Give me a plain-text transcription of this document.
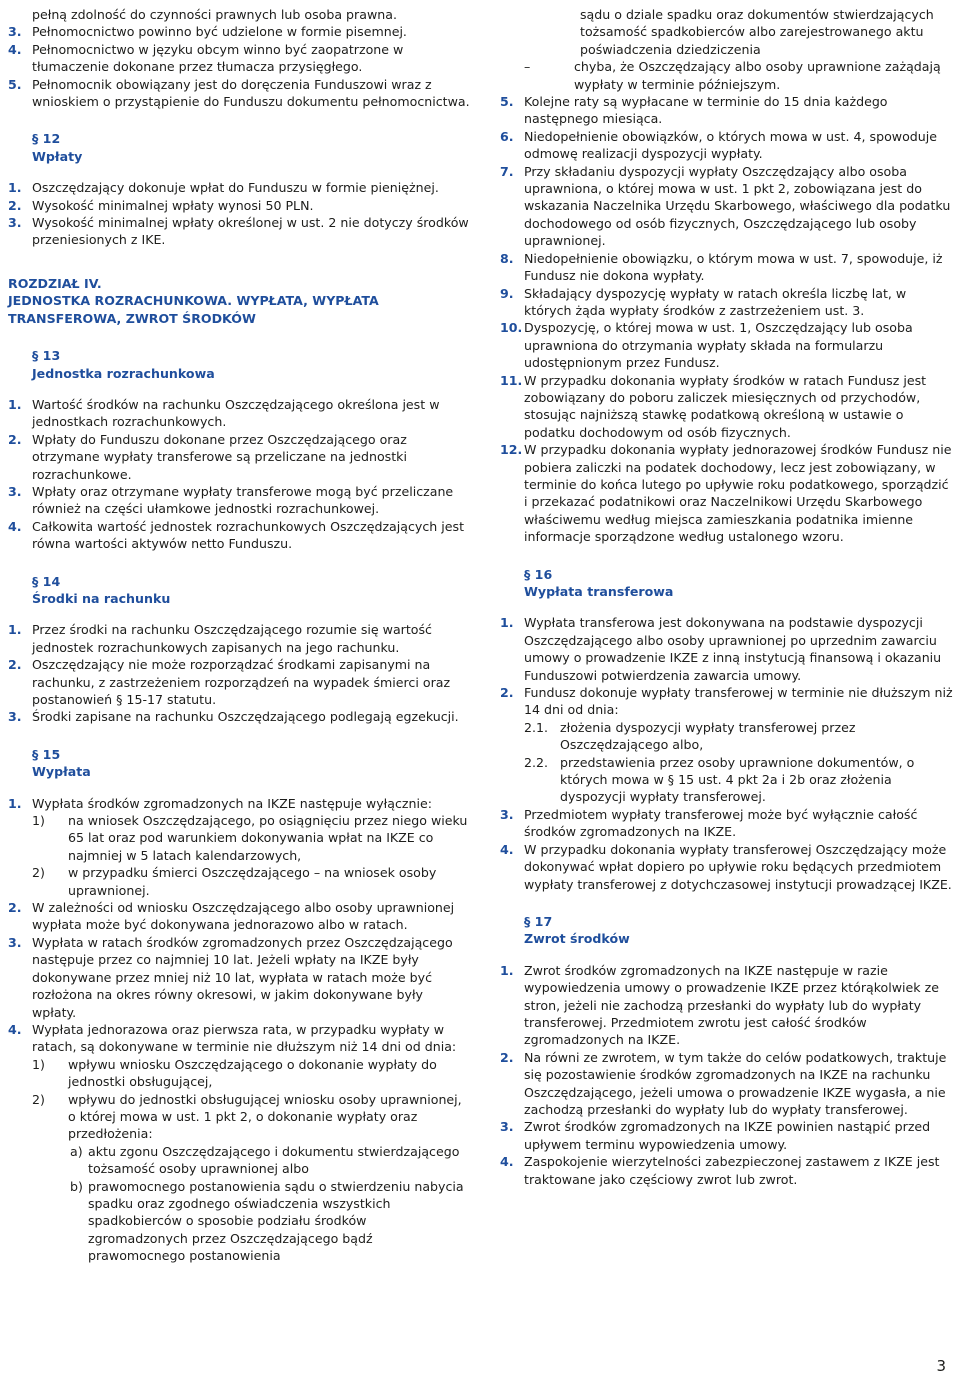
pełną zdolność do czynności prawnych lub osoba prawna.

3. Pełnomocnictwo powinno być udzielone w formie pisemnej.
4. Pełnomocnictwo w języku obcym winno być zaopatrzone w tłumaczenie dokonane przez tłumacza przysięgłego.
5. Pełnomocnik obowiązany jest do doręczenia Funduszowi wraz z wnioskiem o przystąpienie do Funduszu dokumentu pełnomocnictwa.

§ 12

Wpłaty

1. Oszczędzający dokonuje wpłat do Funduszu w formie pieniężnej.
2. Wysokość minimalnej wpłaty wynosi 50 PLN.
3. Wysokość minimalnej wpłaty określonej w ust. 2 nie dotyczy środków przeniesionych z IKE.

ROZDZIAŁ IV.

JEDNOSTKA ROZRACHUNKOWA. WYPŁATA, WYPŁATA TRANSFEROWA, ZWROT ŚRODKÓW

§ 13

Jednostka rozrachunkowa

1. Wartość środków na rachunku Oszczędzającego określona jest w jednostkach rozrachunkowych.
2. Wpłaty do Funduszu dokonane przez Oszczędzającego oraz otrzymane wypłaty transferowe są przeliczane na jednostki rozrachunkowe.
3. Wpłaty oraz otrzymane wypłaty transferowe mogą być przeliczane również na części ułamkowe jednostki rozrachunkowej.
4. Całkowita wartość jednostek rozrachunkowych Oszczędzających jest równa wartości aktywów netto Funduszu.

§ 14

Środki na rachunku

1. Przez środki na rachunku Oszczędzającego rozumie się wartość jednostek rozrachunkowych zapisanych na jego rachunku.
2. Oszczędzający nie może rozporządzać środkami zapisanymi na rachunku, z zastrzeżeniem rozporządzeń na wypadek śmierci oraz postanowień § 15-17 statutu.
3. Środki zapisane na rachunku Oszczędzającego podlegają egzekucji.

§ 15

Wypłata

1. Wypłata środków zgromadzonych na IKZE następuje wyłącznie:
1)	na wniosek Oszczędzającego, po osiągnięciu przez niego wieku 65 lat oraz pod warunkiem dokonywania wpłat na IKZE co najmniej w 5 latach kalendarzowych,
2)	w przypadku śmierci Oszczędzającego – na wniosek osoby uprawnionej.
2. W zależności od wniosku Oszczędzającego albo osoby uprawnionej wypłata może być dokonywana jednorazowo albo w ratach.
3. Wypłata w ratach środków zgromadzonych przez Oszczędzającego następuje przez co najmniej 10 lat. Jeżeli wpłaty na IKZE były dokonywane przez mniej niż 10 lat, wypłata w ratach może być rozłożona na okres równy okresowi, w jakim dokonywane były wpłaty.
4. Wypłata jednorazowa oraz pierwsza rata, w przypadku wypłaty w ratach, są dokonywane w terminie nie dłuższym niż 14 dni od dnia:
1)	wpływu wniosku Oszczędzającego o dokonanie wypłaty do jednostki obsługującej,
2)	wpływu do jednostki obsługującej wniosku osoby uprawnionej, o której mowa w ust. 1 pkt 2, o dokonanie wypłaty oraz przedłożenia:
a) aktu zgonu Oszczędzającego i dokumentu stwierdzającego tożsamość osoby uprawnionej albo
b) prawomocnego postanowienia sądu o stwierdzeniu nabycia spadku oraz zgodnego oświadczenia wszystkich spadkobierców o sposobie podziału środków zgromadzonych przez Oszczędzającego bądź prawomocnego postanowienia

sądu o dziale spadku oraz dokumentów stwierdzających tożsamość spadkobierców albo zarejestrowanego aktu poświadczenia dziedziczenia

–	chyba, że Oszczędzający albo osoby uprawnione zażądają wypłaty w terminie późniejszym.
5. Kolejne raty są wypłacane w terminie do 15 dnia każdego następnego miesiąca.
6. Niedopełnienie obowiązków, o których mowa w ust. 4, spowoduje odmowę realizacji dyspozycji wypłaty.
7. Przy składaniu dyspozycji wypłaty Oszczędzający albo osoba uprawniona, o której mowa w ust. 1 pkt 2, zobowiązana jest do wskazania Naczelnika Urzędu Skarbowego, właściwego dla podatku dochodowego od osób fizycznych, Oszczędzającego lub osoby uprawnionej.
8. Niedopełnienie obowiązku, o którym mowa w ust. 7, spowoduje, iż Fundusz nie dokona wypłaty.
9. Składający dyspozycję wypłaty w ratach określa liczbę lat, w których żąda wypłaty środków z zastrzeżeniem ust. 3.
10. Dyspozycję, o której mowa w ust. 1, Oszczędzający lub osoba uprawniona do otrzymania wypłaty składa na formularzu udostępnionym przez Fundusz.
11. W przypadku dokonania wypłaty środków w ratach Fundusz jest zobowiązany do poboru zaliczek miesięcznych od przychodów, stosując najniższą stawkę podatkową określoną w ustawie o podatku dochodowym od osób fizycznych.
12. W przypadku dokonania wypłaty jednorazowej środków Fundusz nie pobiera zaliczki na podatek dochodowy, lecz jest zobowiązany, w terminie do końca lutego po upływie roku podatkowego, sporządzić i przekazać podatnikowi oraz Naczelnikowi Urzędu Skarbowego właściwemu według miejsca zamieszkania podatnika imienne informacje sporządzone według ustalonego wzoru.

§ 16

Wypłata transferowa

1. Wypłata transferowa jest dokonywana na podstawie dyspozycji Oszczędzającego albo osoby uprawnionej po uprzednim zawarciu umowy o prowadzenie IKZE z inną instytucją finansową i okazaniu Funduszowi potwierdzenia zawarcia umowy.
2. Fundusz dokonuje wypłaty transferowej w terminie nie dłuższym niż 14 dni od dnia:
2.1. złożenia dyspozycji wypłaty transferowej przez Oszczędzającego albo,
2.2. przedstawienia przez osoby uprawnione dokumentów, o których mowa w § 15 ust. 4 pkt 2a i 2b oraz złożenia dyspozycji wypłaty transferowej.
3. Przedmiotem wypłaty transferowej może być wyłącznie całość środków zgromadzonych na IKZE.
4. W przypadku dokonania wypłaty transferowej Oszczędzający może dokonywać wpłat dopiero po upływie roku będących przedmiotem wypłaty transferowej z dotychczasowej instytucji prowadzącej IKZE.

§ 17

Zwrot środków

1. Zwrot środków zgromadzonych na IKZE następuje w razie wypowiedzenia umowy o prowadzenie IKZE przez którąkolwiek ze stron, jeżeli nie zachodzą przesłanki do wypłaty lub do wypłaty transferowej. Przedmiotem zwrotu jest całość środków zgromadzonych na IKZE.
2. Na równi ze zwrotem, w tym także do celów podatkowych, traktuje się pozostawienie środków zgromadzonych na IKZE na rachunku Oszczędzającego, jeżeli umowa o prowadzenie IKZE wygasła, a nie zachodzą przesłanki do wypłaty lub do wypłaty transferowej.
3. Zwrot środków zgromadzonych na IKZE powinien nastąpić przed upływem terminu wypowiedzenia umowy.
4. Zaspokojenie wierzytelności zabezpieczonej zastawem z IKZE jest traktowane jako częściowy zwrot lub zwrot.
3
